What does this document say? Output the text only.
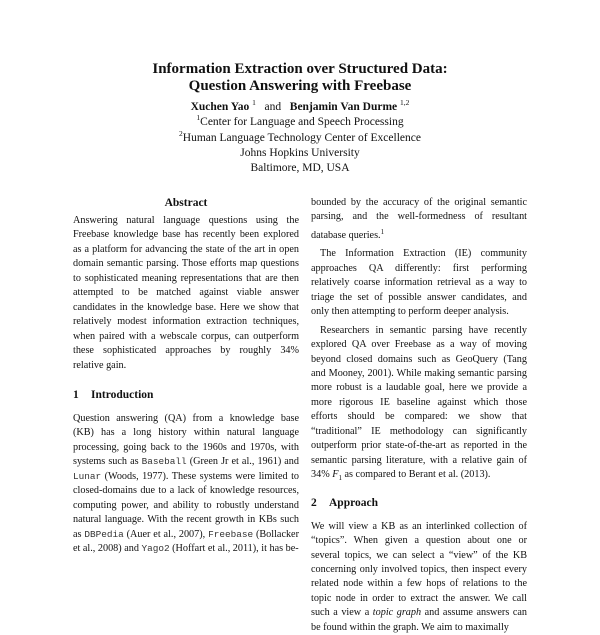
Information Extraction over Structured Data:
Question Answering with Freebase
Xuchen Yao $^1$ and Benjamin Van Durme $^{1,2}$
$^1$Center for Language and Speech Processing
$^2$Human Language Technology Center of Excellence
Johns Hopkins University
Baltimore, MD, USA
Abstract

Answering natural language questions using the Freebase knowledge base has recently been explored as a platform for advancing the state of the art in open domain semantic parsing. Those efforts map questions to sophisticated meaning representations that are then attempted to be matched against viable answer candidates in the knowledge base. Here we show that relatively modest information extraction techniques, when paired with a webscale corpus, can outperform these sophisticated approaches by roughly 34% relative gain.

1 Introduction

Question answering (QA) from a knowledge base (KB) has a long history within natural language processing, going back to the 1960s and 1970s, with systems such as Baseball (Green Jr et al., 1961) and Lunar (Woods, 1977). These systems were limited to closed-domains due to a lack of knowledge resources, computing power, and ability to robustly understand natural language. With the recent growth in KBs such as DBPedia (Auer et al., 2007), Freebase (Bollacker et al., 2008) and Yago2 (Hoffart et al., 2011), it has be-

bounded by the accuracy of the original semantic parsing, and the well-formedness of resultant database queries.$^1$

The Information Extraction (IE) community approaches QA differently: first performing relatively coarse information retrieval as a way to triage the set of possible answer candidates, and only then attempting to perform deeper analysis.

Researchers in semantic parsing have recently explored QA over Freebase as a way of moving beyond closed domains such as GeoQuery (Tang and Mooney, 2001). While making semantic parsing more robust is a laudable goal, here we provide a more rigorous IE baseline against which those efforts should be compared: we show that “traditional” IE methodology can significantly outperform prior state-of-the-art as reported in the semantic parsing literature, with a relative gain of 34% $F_1$ as compared to Berant et al. (2013).

2 Approach

We will view a KB as an interlinked collection of “topics”. When given a question about one or several topics, we can select a “view” of the KB concerning only involved topics, then inspect every related node within a few hops of relations to the topic node in order to extract the answer. We call such a view a topic graph and assume answers can be found within the graph. We aim to maximally
